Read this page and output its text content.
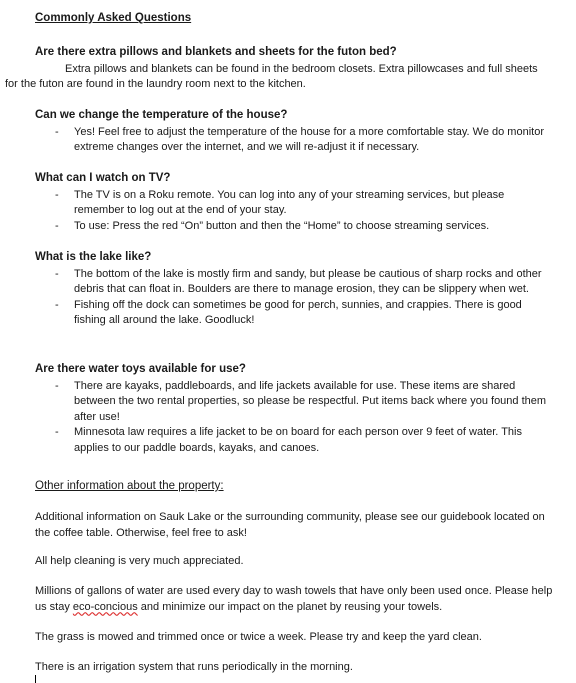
Commonly Asked Questions
Are there extra pillows and blankets and sheets for the futon bed?
Extra pillows and blankets can be found in the bedroom closets. Extra pillowcases and full sheets for the futon are found in the laundry room next to the kitchen.
Can we change the temperature of the house?
- Yes! Feel free to adjust the temperature of the house for a more comfortable stay. We do monitor extreme changes over the internet, and we will re-adjust it if necessary.
What can I watch on TV?
- The TV is on a Roku remote. You can log into any of your streaming services, but please remember to log out at the end of your stay.
- To use: Press the red “On” button and then the “Home” to choose streaming services.
What is the lake like?
- The bottom of the lake is mostly firm and sandy, but please be cautious of sharp rocks and other debris that can float in. Boulders are there to manage erosion, they can be slippery when wet.
- Fishing off the dock can sometimes be good for perch, sunnies, and crappies. There is good fishing all around the lake. Goodluck!
Are there water toys available for use?
- There are kayaks, paddleboards, and life jackets available for use. These items are shared between the two rental properties, so please be respectful. Put items back where you found them after use!
- Minnesota law requires a life jacket to be on board for each person over 9 feet of water. This applies to our paddle boards, kayaks, and canoes.
Other information about the property:
Additional information on Sauk Lake or the surrounding community, please see our guidebook located on the coffee table. Otherwise, feel free to ask!
All help cleaning is very much appreciated.
Millions of gallons of water are used every day to wash towels that have only been used once. Please help us stay eco-concious and minimize our impact on the planet by reusing your towels.
The grass is mowed and trimmed once or twice a week. Please try and keep the yard clean.
There is an irrigation system that runs periodically in the morning.
